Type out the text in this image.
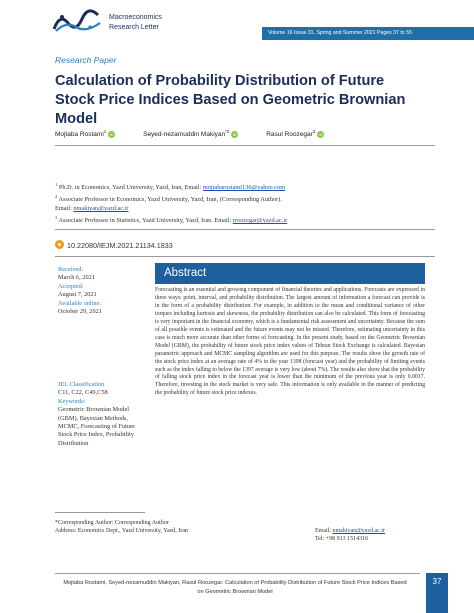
Macroeconomics
Research Letter
Volume 16 Issue 31, Spring and Summer 2021 Pages 37 to 55
Research Paper
Calculation of Probability Distribution of Future Stock Price Indices Based on Geometric Brownian Model
Mojtaba Rostami$^1$iD	Seyed-nezamuddin Makiyan$^{*2}$iD	Rasul Roozegar$^3$iD
$^1$ Ph.D. in Economics, Yazd University, Yazd, Iran, Email: mojtabarostami136@yahoo.com
$^2$ Associate Professor in Economics, Yazd University, Yazd, Iran, (Corresponding Author).
Email: nmakiyan@yazd.ac.ir
$^3$ Associate Professor in Statistics, Yazd University, Yazd, Iran. Email: rroozegar@yazd.ac.ir
10.22080/IEJM.2021.21134.1833
Received:
March 6, 2021
Accepted:
August 7, 2021
Available online:
October 29, 2021
JEL Classification
C11, C22, C49,C58
Keywords:
Geometric Brownian Model (GBM), Bayesian Methods, MCMC, Forecasting of Future Stock Price Index, Probability Distribution
Abstract
Forecasting is an essential and growing component of financial theories and applications. Forecasts are expressed in three ways: point, interval, and probability distribution. The largest amount of information a forecast can provide is in the form of a probability distribution. For example, in addition to the mean and conditional variance of other torques including kurtosis and skewness, the probability distribution can also be calculated. This form of forecasting is very important in the financial economy, which is a fundamental risk assessment and uncertainty. Because the sum of all possible events is estimated and the future events may not be missed. Therefore, estimating uncertainty in this case is much more accurate than other forms of forecasting. In the present study, based on the Geometric Brownian Model (GBM), the probability of future stock price index values of Tehran Stock Exchange is calculated. Bayesian parametric approach and MCMC sampling algorithm are used for this purpose. The results show the growth rate of the stock price index at an average rate of 4% in the year 1398 (forecast year) and the probability of limiting events such as the index falling to below the 1397 average is very low (about 7%). The results also show that the probability of falling stock price index in the forecast year is lower than the minimum of the previous year is only 0.0017. Therefore, investing in the stock market is very safe. This information is only available in the manner of predicting the probability of future stock price indexes.
*Corresponding Author: Corresponding Author
Address: Economics Dept., Yazd University, Yazd, Iran	Email: nmakiyan@yazd.ac.ir
Tel: +98 913 1514316
Mojtaba Rostami, Seyed-nezamuddin Makiyan, Rasul Roozegar. Calculation of Probability Distribution of Future Stock Price Indices Based on Geometric Brownian Model
37
